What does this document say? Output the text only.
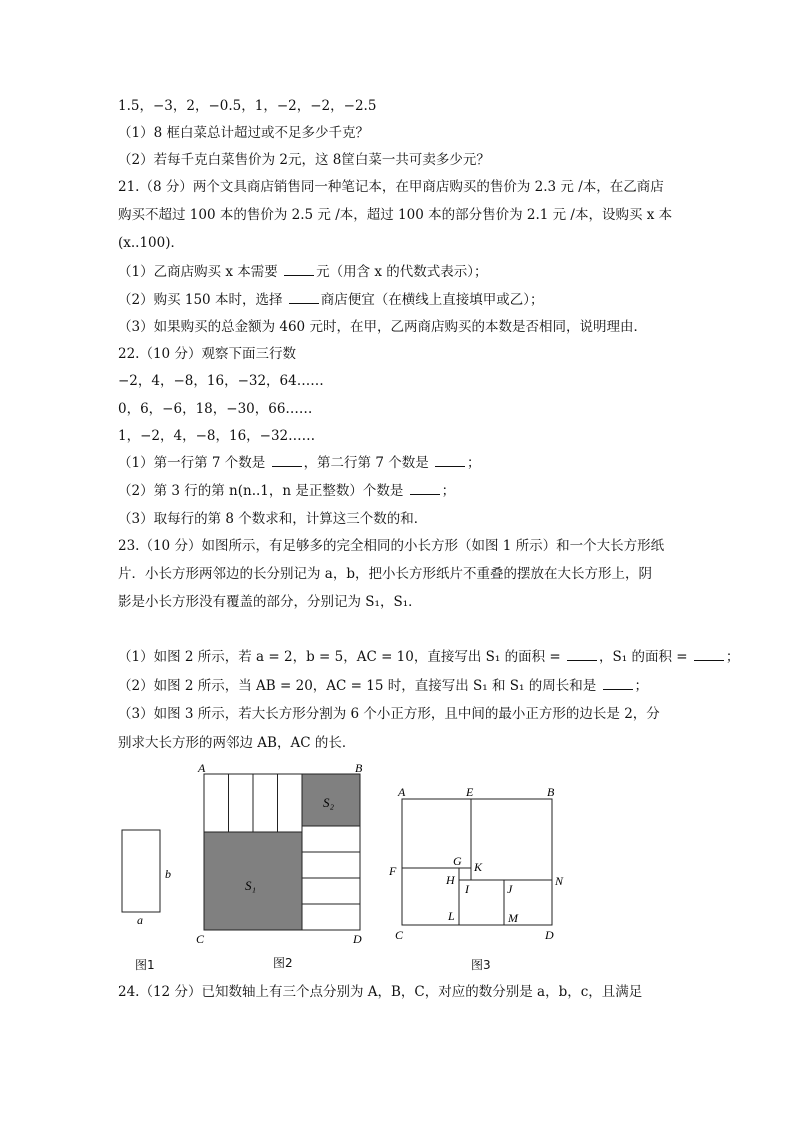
1.5，−3，2，−0.5，1，−2，−2，−2.5
（1）8 框白菜总计超过或不足多少千克？
（2）若每千克白菜售价为 2元，这 8筐白菜一共可卖多少元？
21.（8 分）两个文具商店销售同一种笔记本，在甲商店购买的售价为 2.3 元 /本，在乙商店
购买不超过 100 本的售价为 2.5 元 /本，超过 100 本的部分售价为 2.1 元 /本，设购买 x 本
(x..100)．
（1）乙商店购买 x 本需要	元（用含 x 的代数式表示）；
（2）购买 150 本时，选择	商店便宜（在横线上直接填甲或乙）；
（3）如果购买的总金额为 460 元时，在甲，乙两商店购买的本数是否相同，说明理由．
22.（10 分）观察下面三行数
−2，4，−8，16，−32，64……
0，6，−6，18，−30，66……
1，−2，4，−8，16，−32……
（1）第一行第 7 个数是	，第二行第 7 个数是	；
（2）第 3 行的第 n(n..1，n 是正整数）个数是	；
（3）取每行的第 8 个数求和，计算这三个数的和．
23.（10 分）如图所示，有足够多的完全相同的小长方形（如图 1 所示）和一个大长方形纸
片．小长方形两邻边的长分别记为 a，b，把小长方形纸片不重叠的摆放在大长方形上，阴
影是小长方形没有覆盖的部分，分别记为 S₁，S₁．
（1）如图 2 所示，若 a = 2，b = 5，AC = 10，直接写出 S₁ 的面积 =	，S₁ 的面积 =	；
（2）如图 2 所示，当 AB = 20，AC = 15 时，直接写出 S₁ 和 S₁ 的周长和是	；
（3）如图 3 所示，若大长方形分割为 6 个小正方形，且中间的最小正方形的边长是 2，分
别求大长方形的两邻边 AB，AC 的长．
b
a
A	B
C	D
S₁
S₂
A	E	B
F
G K
H
I	J
N
L	M
C	D
图1	图2	图3
24.（12 分）已知数轴上有三个点分别为 A，B，C，对应的数分别是 a，b，c，且满足
